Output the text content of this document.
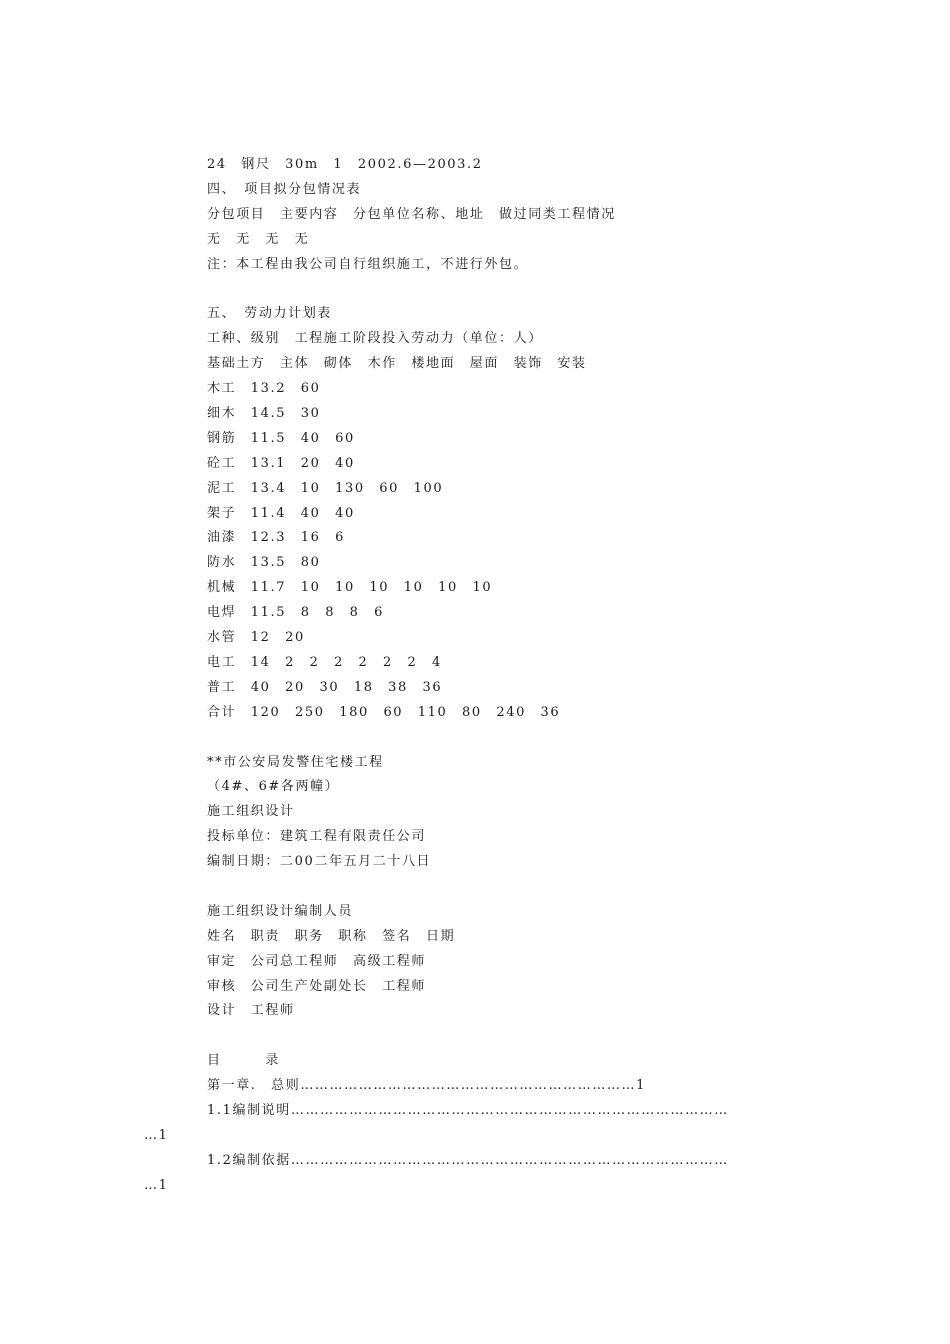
24　钢尺　30m　1　2002.6—2003.2
四、　项目拟分包情况表
分包项目　主要内容　分包单位名称、地址　做过同类工程情况
无　无　无　无
注：本工程由我公司自行组织施工，不进行外包。
五、　劳动力计划表
工种、级别　工程施工阶段投入劳动力（单位：人）
基础土方　主体　砌体　木作　楼地面　屋面　装饰　安装
木工　13.2　60
细木　14.5　30
钢筋　11.5　40　60
砼工　13.1　20　40
泥工　13.4　10　130　60　100
架子　11.4　40　40
油漆　12.3　16　6
防水　13.5　80
机械　11.7　10　10　10　10　10　10
电焊　11.5　8　8　8　6
水管　12　20
电工　14　2　2　2　2　2　2　4
普工　40　20　30　18　38　36
合计　120　250　180　60　110　80　240　36
**市公安局发警住宅楼工程
（4#、6#各两幢）
施工组织设计
投标单位：建筑工程有限责任公司
编制日期：二00二年五月二十八日
施工组织设计编制人员
姓名　职责　职务　职称　签名　日期
审定　公司总工程师　高级工程师
审核　公司生产处副处长　工程师
设计　工程师
目　　　录
第一章.　总则……………………………………………………………1
1.1编制说明………………………………………………………………………………
…1
1.2编制依据………………………………………………………………………………
…1
